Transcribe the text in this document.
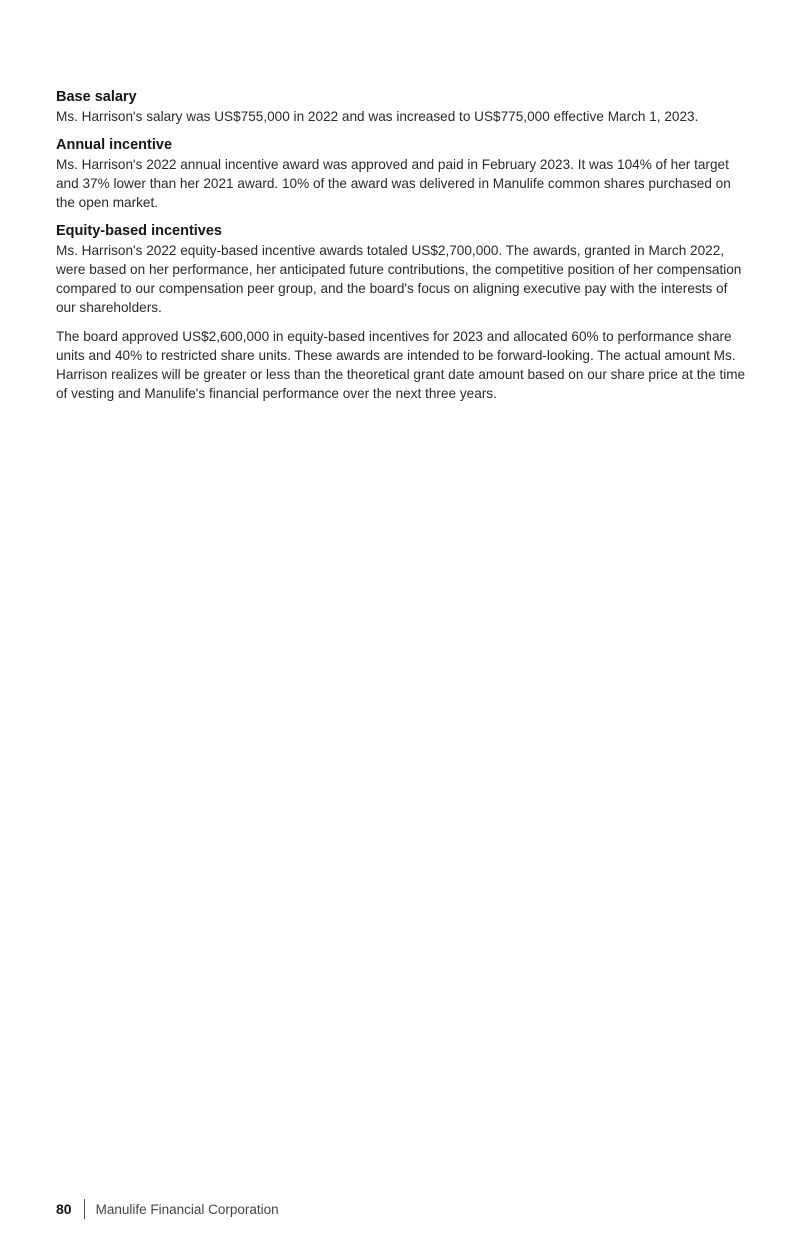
Base salary

Ms. Harrison's salary was US$755,000 in 2022 and was increased to US$775,000 effective March 1, 2023.

Annual incentive

Ms. Harrison's 2022 annual incentive award was approved and paid in February 2023. It was 104% of her target and 37% lower than her 2021 award. 10% of the award was delivered in Manulife common shares purchased on the open market.

Equity-based incentives

Ms. Harrison's 2022 equity-based incentive awards totaled US$2,700,000. The awards, granted in March 2022, were based on her performance, her anticipated future contributions, the competitive position of her compensation compared to our compensation peer group, and the board's focus on aligning executive pay with the interests of our shareholders.

The board approved US$2,600,000 in equity-based incentives for 2023 and allocated 60% to performance share units and 40% to restricted share units. These awards are intended to be forward-looking. The actual amount Ms. Harrison realizes will be greater or less than the theoretical grant date amount based on our share price at the time of vesting and Manulife's financial performance over the next three years.

80 Manulife Financial Corporation
